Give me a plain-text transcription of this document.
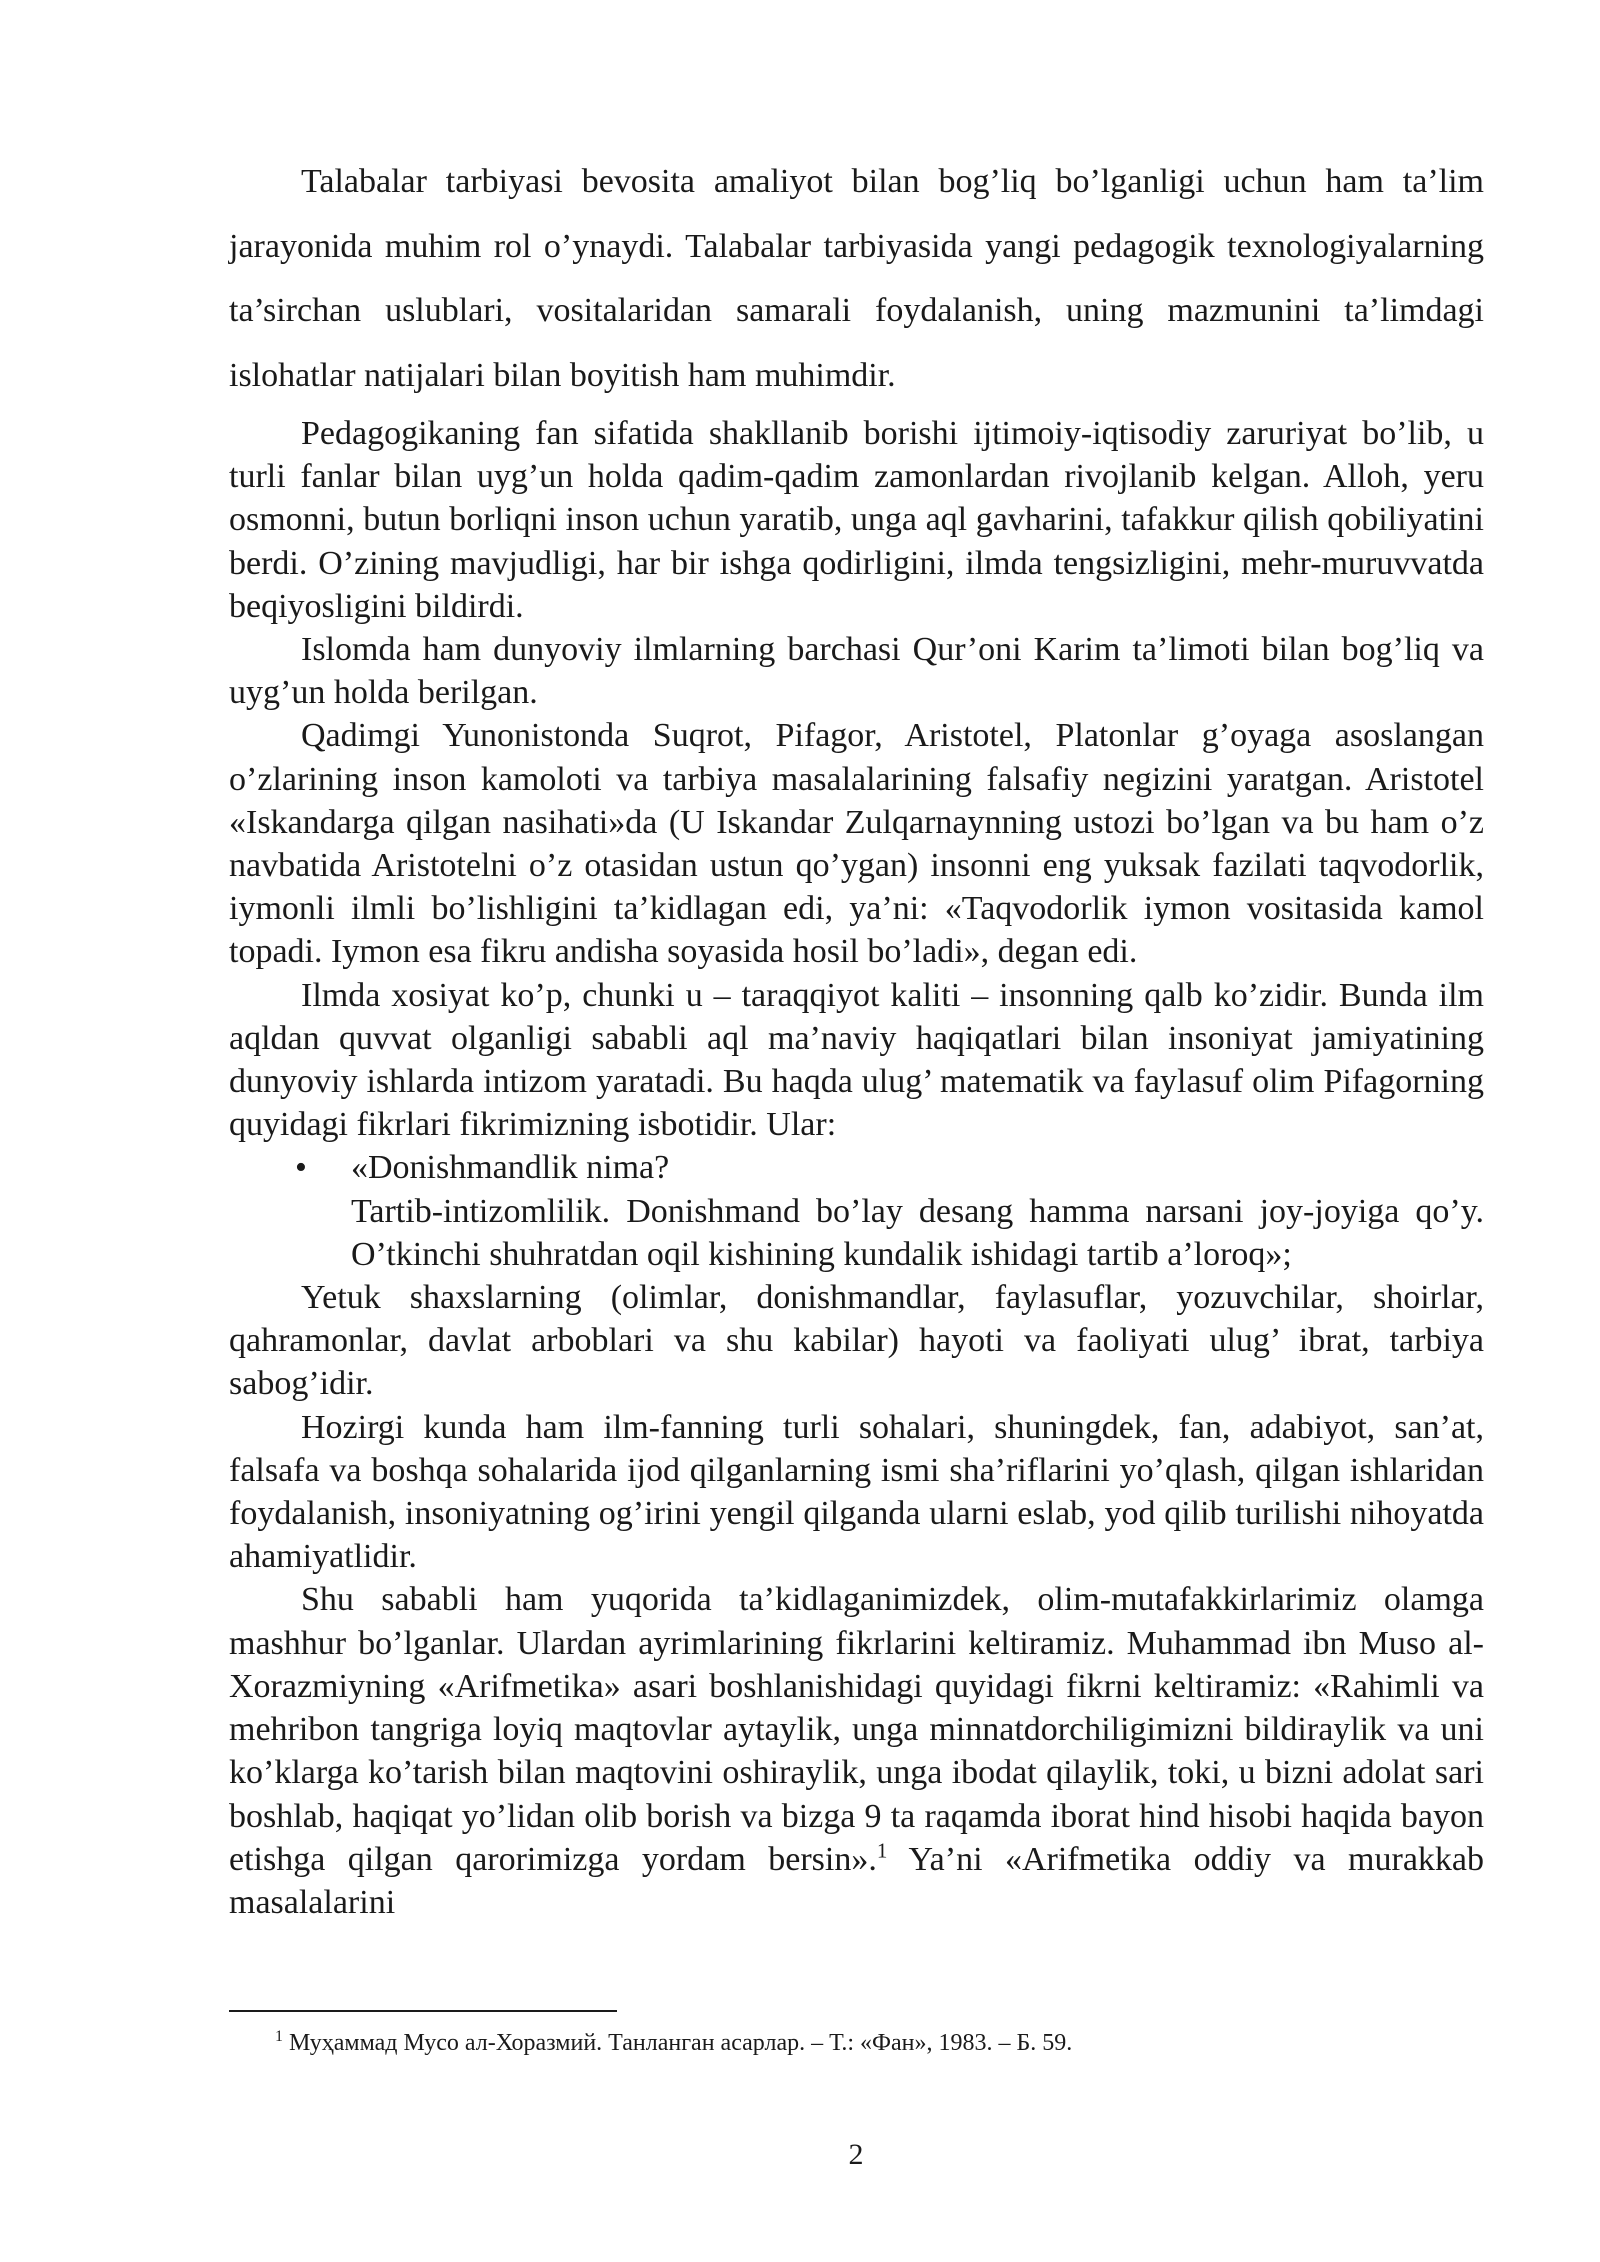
Talabalar tarbiyasi bevosita amaliyot bilan bog’liq bo’lganligi uchun ham ta’lim jarayonida muhim rol o’ynaydi. Talabalar tarbiyasida yangi pedagogik texnologiyalarning ta’sirchan uslublari, vositalaridan samarali foydalanish, uning mazmunini ta’limdagi islohatlar natijalari bilan boyitish ham muhimdir.

Pedagogikaning fan sifatida shakllanib borishi ijtimoiy-iqtisodiy zaruriyat bo’lib, u turli fanlar bilan uyg’un holda qadim-qadim zamonlardan rivojlanib kelgan. Alloh, yeru osmonni, butun borliqni inson uchun yaratib, unga aql gavharini, tafakkur qilish qobiliyatini berdi. O’zining mavjudligi, har bir ishga qodirligini, ilmda tengsizligini, mehr-muruvvatda beqiyosligini bildirdi.

Islomda ham dunyoviy ilmlarning barchasi Qur’oni Karim ta’limoti bilan bog’liq va uyg’un holda berilgan.

Qadimgi Yunonistonda Suqrot, Pifagor, Aristotel, Platonlar g’oyaga asoslangan o’zlarining inson kamoloti va tarbiya masalalarining falsafiy negizini yaratgan. Aristotel «Iskandarga qilgan nasihati»da (U Iskandar Zulqarnaynning ustozi bo’lgan va bu ham o’z navbatida Aristotelni o’z otasidan ustun qo’ygan) insonni eng yuksak fazilati taqvodorlik, iymonli ilmli bo’lishligini ta’kidlagan edi, ya’ni: «Taqvodorlik iymon vositasida kamol topadi. Iymon esa fikru andisha soyasida hosil bo’ladi», degan edi.

Ilmda xosiyat ko’p, chunki u – taraqqiyot kaliti – insonning qalb ko’zidir. Bunda ilm aqldan quvvat olganligi sababli aql ma’naviy haqiqatlari bilan insoniyat jamiyatining dunyoviy ishlarda intizom yaratadi. Bu haqda ulug’ matematik va faylasuf olim Pifagorning quyidagi fikrlari fikrimizning isbotidir. Ular:

• «Donishmandlik nima?
Tartib-intizomlilik. Donishmand bo’lay desang hamma narsani joy-joyiga qo’y. O’tkinchi shuhratdan oqil kishining kundalik ishidagi tartib a’loroq»;

Yetuk shaxslarning (olimlar, donishmandlar, faylasuflar, yozuvchilar, shoirlar, qahramonlar, davlat arboblari va shu kabilar) hayoti va faoliyati ulug’ ibrat, tarbiya sabog’idir.

Hozirgi kunda ham ilm-fanning turli sohalari, shuningdek, fan, adabiyot, san’at, falsafa va boshqa sohalarida ijod qilganlarning ismi sha’riflarini yo’qlash, qilgan ishlaridan foydalanish, insoniyatning og’irini yengil qilganda ularni eslab, yod qilib turilishi nihoyatda ahamiyatlidir.

Shu sababli ham yuqorida ta’kidlaganimizdek, olim-mutafakkirlarimiz olamga mashhur bo’lganlar. Ulardan ayrimlarining fikrlarini keltiramiz. Muhammad ibn Muso al-Xorazmiyning «Arifmetika» asari boshlanishidagi quyidagi fikrni keltiramiz: «Rahimli va mehribon tangriga loyiq maqtovlar aytaylik, unga minnatdorchiligimizni bildiraylik va uni ko’klarga ko’tarish bilan maqtovini oshiraylik, unga ibodat qilaylik, toki, u bizni adolat sari boshlab, haqiqat yo’lidan olib borish va bizga 9 ta raqamda iborat hind hisobi haqida bayon etishga qilgan qarorimizga yordam bersin».$^1$ Ya’ni «Arifmetika oddiy va murakkab masalalarini

$^1$ Муҳаммад Мусо ал-Хоразмий. Танланган асарлар. – Т.: «Фан», 1983. – Б. 59.
2
